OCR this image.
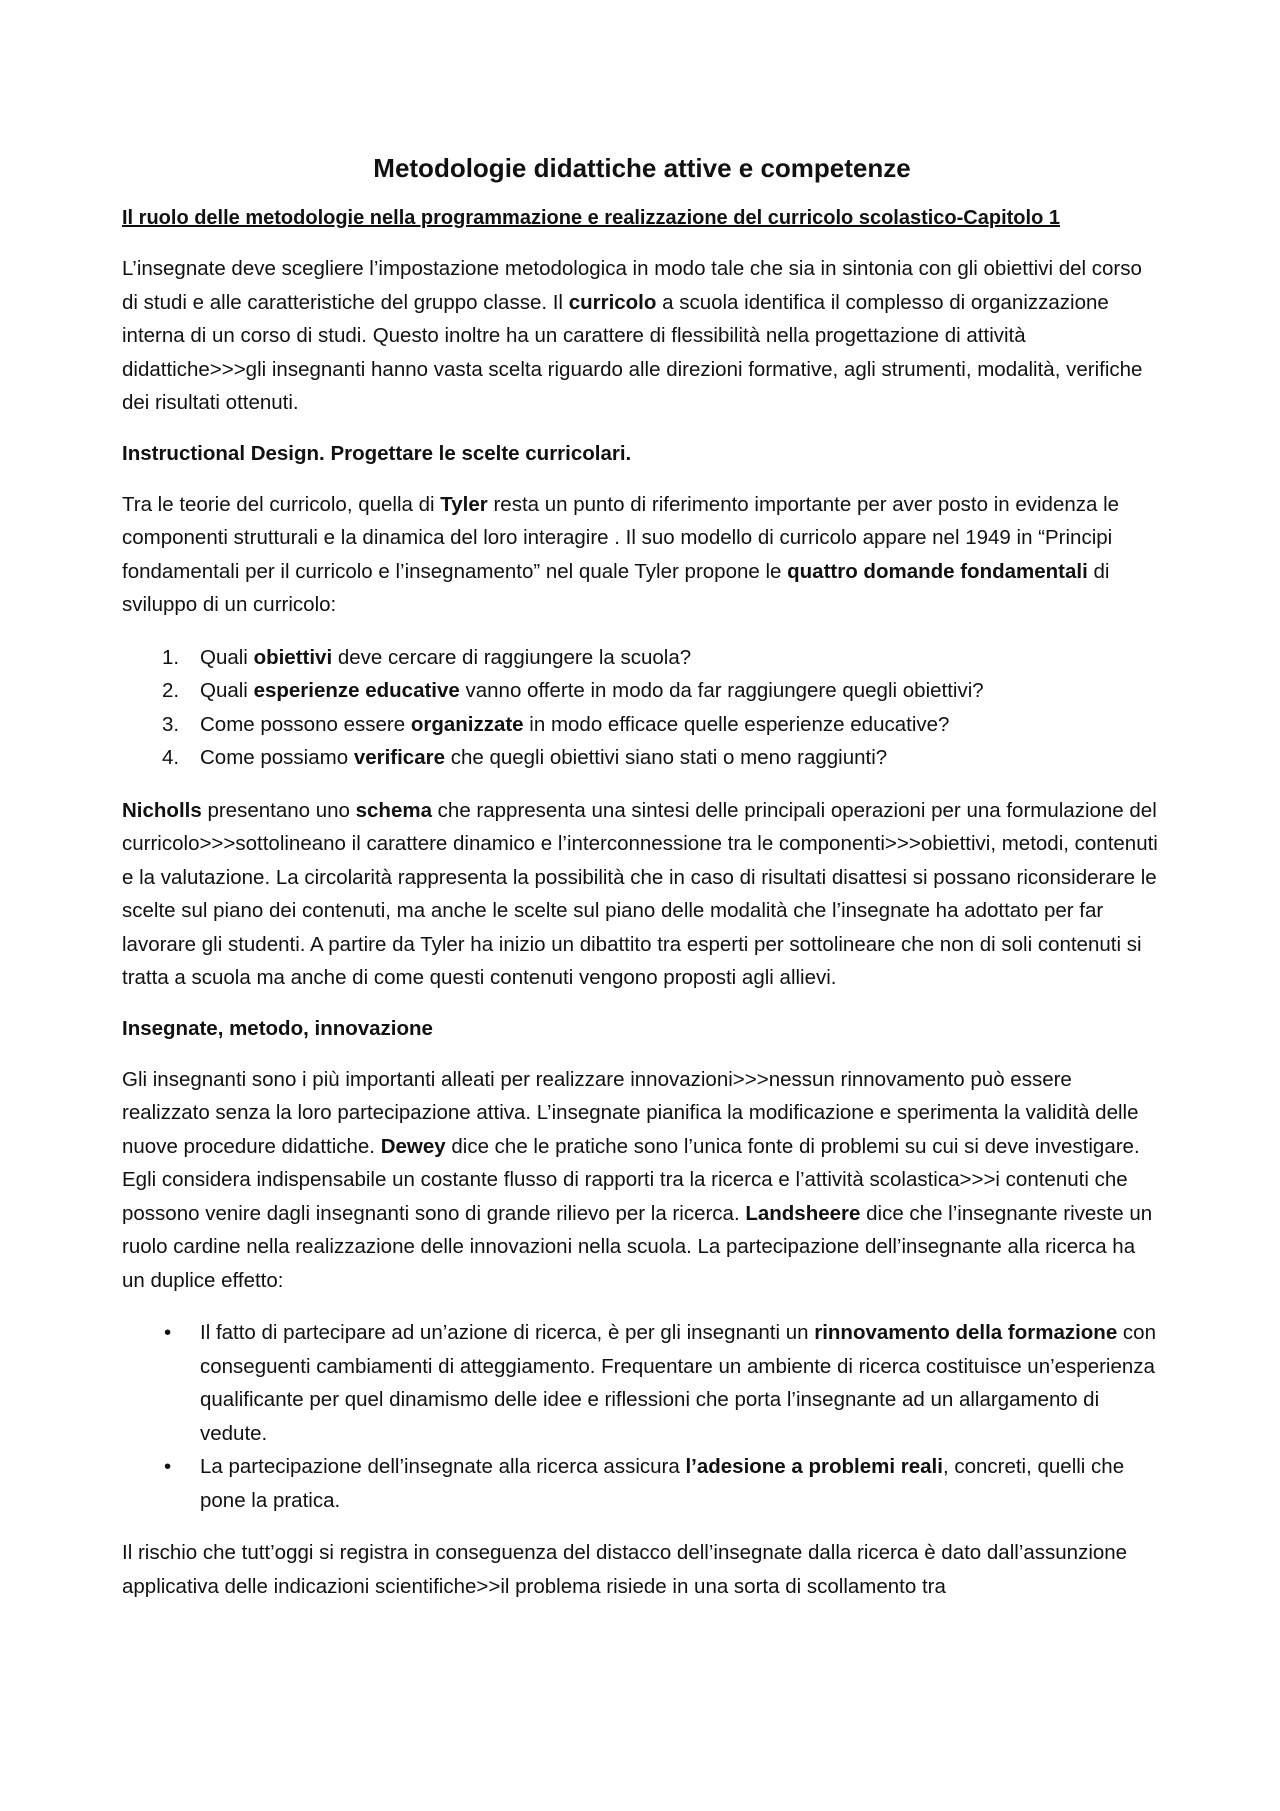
Metodologie didattiche attive e competenze
Il ruolo delle metodologie nella programmazione e realizzazione del curricolo scolastico-Capitolo 1

L’insegnate deve scegliere l’impostazione metodologica in modo tale che sia in sintonia con gli obiettivi del corso di studi e alle caratteristiche del gruppo classe. Il curricolo a scuola identifica il complesso di organizzazione interna di un corso di studi. Questo inoltre ha un carattere di flessibilità nella progettazione di attività didattiche>>>gli insegnanti hanno vasta scelta riguardo alle direzioni formative, agli strumenti, modalità, verifiche dei risultati ottenuti.

Instructional Design. Progettare le scelte curricolari.

Tra le teorie del curricolo, quella di Tyler resta un punto di riferimento importante per aver posto in evidenza le componenti strutturali e la dinamica del loro interagire . Il suo modello di curricolo appare nel 1949 in “Principi fondamentali per il curricolo e l’insegnamento” nel quale Tyler propone le quattro domande fondamentali di sviluppo di un curricolo:

1. Quali obiettivi deve cercare di raggiungere la scuola?
2. Quali esperienze educative vanno offerte in modo da far raggiungere quegli obiettivi?
3. Come possono essere organizzate in modo efficace quelle esperienze educative?
4. Come possiamo verificare che quegli obiettivi siano stati o meno raggiunti?

Nicholls presentano uno schema che rappresenta una sintesi delle principali operazioni per una formulazione del curricolo>>>sottolineano il carattere dinamico e l’interconnessione tra le componenti>>>obiettivi, metodi, contenuti e la valutazione. La circolarità rappresenta la possibilità che in caso di risultati disattesi si possano riconsiderare le scelte sul piano dei contenuti, ma anche le scelte sul piano delle modalità che l’insegnate ha adottato per far lavorare gli studenti. A partire da Tyler ha inizio un dibattito tra esperti per sottolineare che non di soli contenuti si tratta a scuola ma anche di come questi contenuti vengono proposti agli allievi.

Insegnate, metodo, innovazione

Gli insegnanti sono i più importanti alleati per realizzare innovazioni>>>nessun rinnovamento può essere realizzato senza la loro partecipazione attiva. L’insegnate pianifica la modificazione e sperimenta la validità delle nuove procedure didattiche. Dewey dice che le pratiche sono l’unica fonte di problemi su cui si deve investigare. Egli considera indispensabile un costante flusso di rapporti tra la ricerca e l’attività scolastica>>>i contenuti che possono venire dagli insegnanti sono di grande rilievo per la ricerca. Landsheere dice che l’insegnante riveste un ruolo cardine nella realizzazione delle innovazioni nella scuola. La partecipazione dell’insegnante alla ricerca ha un duplice effetto:

• Il fatto di partecipare ad un’azione di ricerca, è per gli insegnanti un rinnovamento della formazione con conseguenti cambiamenti di atteggiamento. Frequentare un ambiente di ricerca costituisce un’esperienza qualificante per quel dinamismo delle idee e riflessioni che porta l’insegnante ad un allargamento di vedute.
• La partecipazione dell’insegnate alla ricerca assicura l’adesione a problemi reali, concreti, quelli che pone la pratica.

Il rischio che tutt’oggi si registra in conseguenza del distacco dell’insegnate dalla ricerca è dato dall’assunzione applicativa delle indicazioni scientifiche>>il problema risiede in una sorta di scollamento tra
